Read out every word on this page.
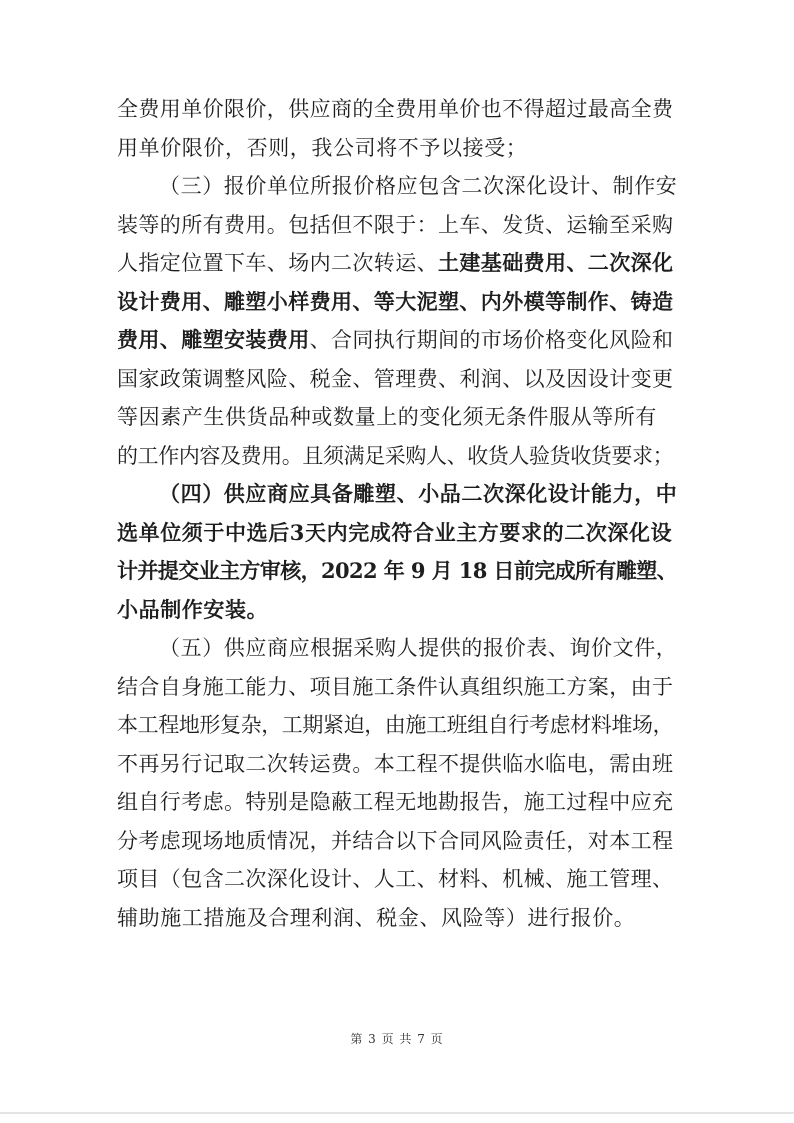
全费用单价限价，供应商的全费用单价也不得超过最高全费
用单价限价，否则，我公司将不予以接受；

（三）报价单位所报价格应包含二次深化设计、制作安
装等的所有费用。包括但不限于：上车、发货、运输至采购
人指定位置下车、场内二次转运、土建基础费用、二次深化
设计费用、雕塑小样费用、等大泥塑、内外模等制作、铸造
费用、雕塑安装费用、合同执行期间的市场价格变化风险和
国家政策调整风险、税金、管理费、利润、以及因设计变更
等因素产生供货品种或数量上的变化须无条件服从等所有
的工作内容及费用。且须满足采购人、收货人验货收货要求；

（四）供应商应具备雕塑、小品二次深化设计能力，中
选单位须于中选后3天内完成符合业主方要求的二次深化设
计并提交业主方审核，2022 年 9 月 18 日前完成所有雕塑、
小品制作安装。

（五）供应商应根据采购人提供的报价表、询价文件，
结合自身施工能力、项目施工条件认真组织施工方案，由于
本工程地形复杂，工期紧迫，由施工班组自行考虑材料堆场，
不再另行记取二次转运费。本工程不提供临水临电，需由班
组自行考虑。特别是隐蔽工程无地勘报告，施工过程中应充
分考虑现场地质情况，并结合以下合同风险责任，对本工程
项目（包含二次深化设计、人工、材料、机械、施工管理、
辅助施工措施及合理利润、税金、风险等）进行报价。

第 3 页 共 7 页
